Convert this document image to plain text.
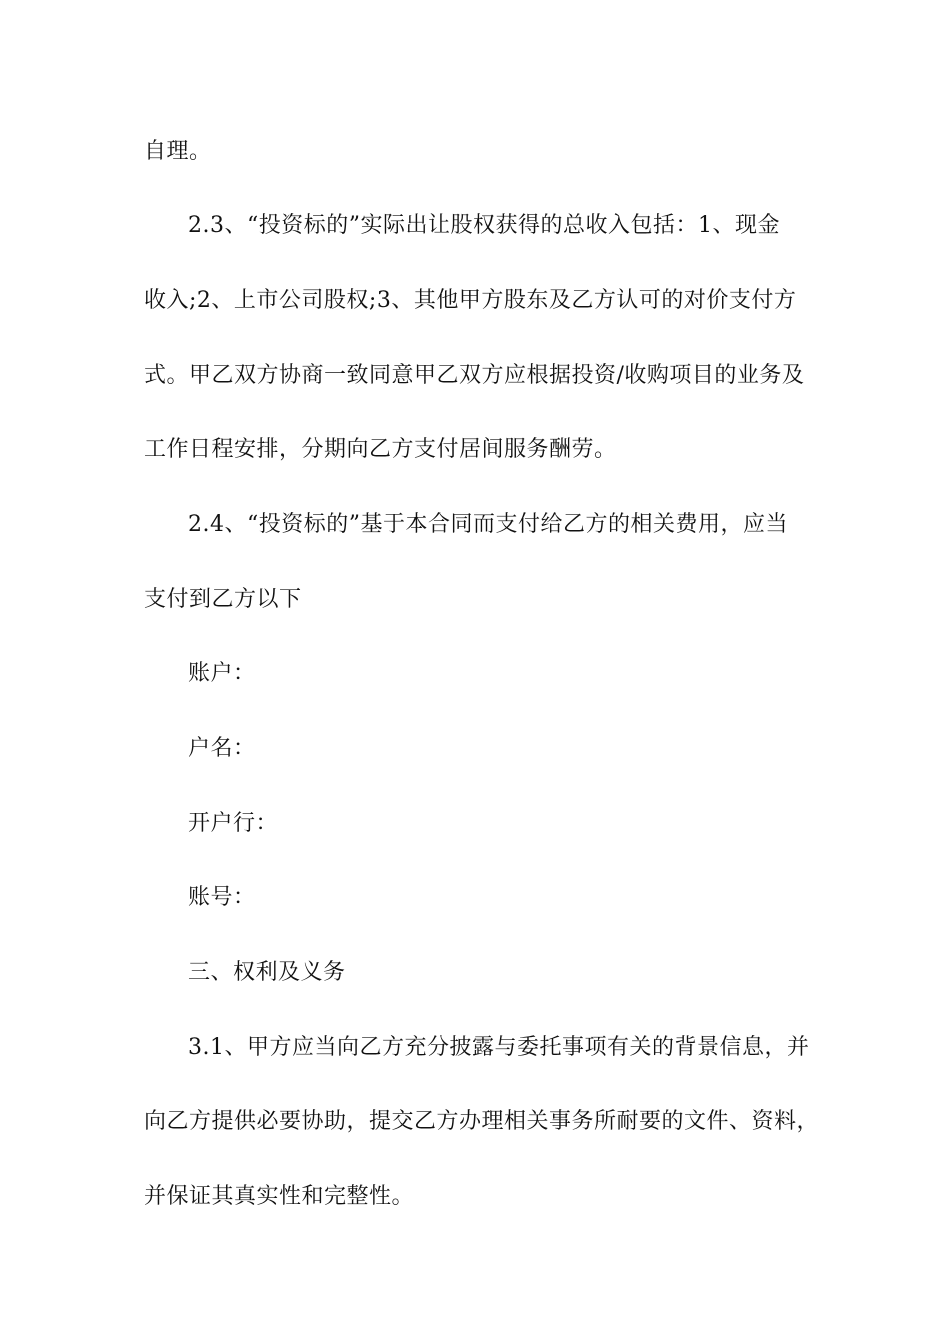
自理。
2.3、“投资标的”实际出让股权获得的总收入包括：1、现金
收入;2、上市公司股权;3、其他甲方股东及乙方认可的对价支付方
式。甲乙双方协商一致同意甲乙双方应根据投资/收购项目的业务及
工作日程安排，分期向乙方支付居间服务酬劳。
2.4、“投资标的”基于本合同而支付给乙方的相关费用，应当
支付到乙方以下
账户：
户名：
开户行：
账号：
三、权利及义务
3.1、甲方应当向乙方充分披露与委托事项有关的背景信息，并
向乙方提供必要协助，提交乙方办理相关事务所耐要的文件、资料，
并保证其真实性和完整性。
